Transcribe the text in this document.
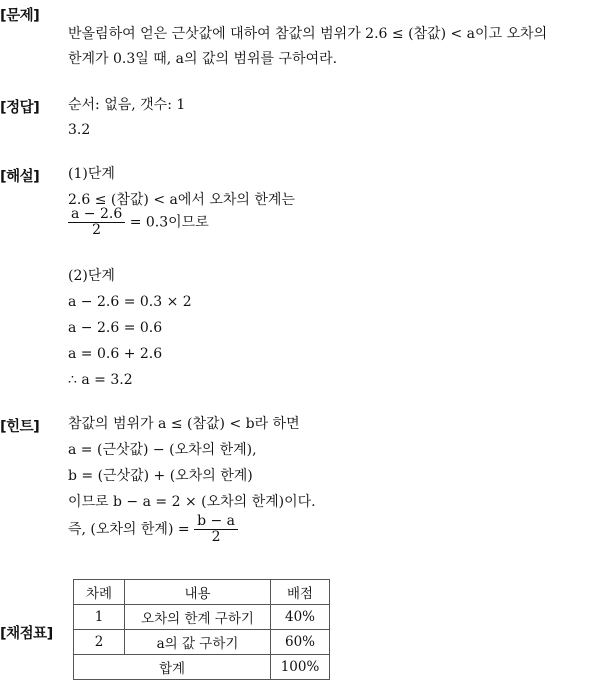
[문제]
반올림하여 얻은 근삿값에 대하여 참값의 범위가 2.6 ≤ (참값) < a이고 오차의
한계가 0.3일 때, a의 값의 범위를 구하여라.
[정답] 순서: 없음, 갯수: 1
3.2
[해설] (1)단계
2.6 ≤ (참값) < a에서 오차의 한계는
$\frac{a - 2.6}{2} = 0.3$이므로
(2)단계
a − 2.6 = 0.3 × 2
a − 2.6 = 0.6
a = 0.6 + 2.6
∴ a = 3.2
[힌트] 참값의 범위가 a ≤ (참값) < b라 하면
a = (근삿값) − (오차의 한계),
b = (근삿값) + (오차의 한계)
이므로 b − a = 2 × (오차의 한계)이다.
즉, (오차의 한계) = $\frac{b - a}{2}$
[채점표]
차례	내용	배점
1	오차의 한계 구하기	40%
2	a의 값 구하기	60%
합계		100%
